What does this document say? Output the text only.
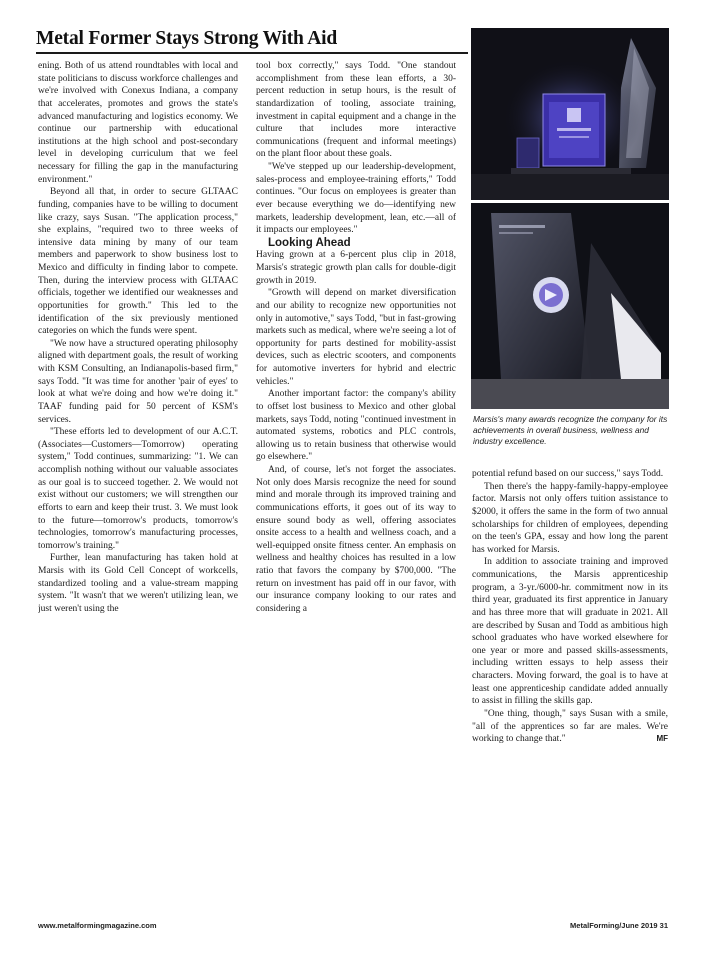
Metal Former Stays Strong With Aid

ening. Both of us attend roundtables with local and state politicians to discuss workforce challenges and we're involved with Conexus Indiana, a company that accelerates, promotes and grows the state's advanced manufacturing and logistics economy. We continue our partnership with educational institutions at the high school and post-secondary level in developing curriculum that we feel necessary for filling the gap in the manufacturing environment."

Beyond all that, in order to secure GLTAAC funding, companies have to be willing to document like crazy, says Susan. "The application process," she explains, "required two to three weeks of intensive data mining by many of our team members and paperwork to show business lost to Mexico and difficulty in finding labor to compete. Then, during the interview process with GLTAAC officials, together we identified our weaknesses and opportunities for growth." This led to the identification of the six previously mentioned categories on which the funds were spent.

"We now have a structured operating philosophy aligned with department goals, the result of working with KSM Consulting, an Indianapolis-based firm," says Todd. "It was time for another 'pair of eyes' to look at what we're doing and how we're doing it." TAAF funding paid for 50 percent of KSM's services.

"These efforts led to development of our A.C.T. (Associates—Customers—Tomorrow) operating system," Todd continues, summarizing: "1. We can accomplish nothing without our valuable associates as our goal is to succeed together. 2. We would not exist without our customers; we will strengthen our efforts to earn and keep their trust. 3. We must look to the future—tomorrow's products, tomorrow's technologies, tomorrow's manufacturing processes, tomorrow's training."

Further, lean manufacturing has taken hold at Marsis with its Gold Cell Concept of workcells, standardized tooling and a value-stream mapping system. "It wasn't that we weren't utilizing lean, we just weren't using the

tool box correctly," says Todd. "One standout accomplishment from these lean efforts, a 30-percent reduction in setup hours, is the result of standardization of tooling, associate training, investment in capital equipment and a change in the culture that includes more interactive communications (frequent and informal meetings) on the plant floor about these goals.

"We've stepped up our leadership-development, sales-process and employee-training efforts," Todd continues. "Our focus on employees is greater than ever because everything we do—identifying new markets, leadership development, lean, etc.—all of it impacts our employees."

Looking Ahead

Having grown at a 6-percent plus clip in 2018, Marsis's strategic growth plan calls for double-digit growth in 2019.

"Growth will depend on market diversification and our ability to recognize new opportunities not only in automotive," says Todd, "but in fast-growing markets such as medical, where we're seeing a lot of opportunity for parts destined for mobility-assist devices, such as electric scooters, and components for automotive inverters for hybrid and electric vehicles."

Another important factor: the company's ability to offset lost business to Mexico and other global markets, says Todd, noting "continued investment in automated systems, robotics and PLC controls, allowing us to retain business that otherwise would go elsewhere."

And, of course, let's not forget the associates. Not only does Marsis recognize the need for sound mind and morale through its improved training and communications efforts, it goes out of its way to ensure sound body as well, offering associates onsite access to a health and wellness coach, and a well-equipped onsite fitness center. An emphasis on wellness and healthy choices has resulted in a low ratio that favors the company by $700,000. "The return on investment has paid off in our favor, with our insurance company looking to our rates and considering a

Marsis's many awards recognize the company for its achievements in overall business, wellness and industry excellence.

potential refund based on our success," says Todd.

Then there's the happy-family-happy-employee factor. Marsis not only offers tuition assistance to $2000, it offers the same in the form of two annual scholarships for children of employees, depending on the teen's GPA, essay and how long the parent has worked for Marsis.

In addition to associate training and improved communications, the Marsis apprenticeship program, a 3-yr./6000-hr. commitment now in its third year, graduated its first apprentice in January and has three more that will graduate in 2021. All are described by Susan and Todd as ambitious high school graduates who have worked elsewhere for one year or more and passed skills-assessments, including written essays to help assess their characters. Moving forward, the goal is to have at least one apprenticeship candidate added annually to assist in filling the skills gap.

"One thing, though," says Susan with a smile, "all of the apprentices so far are males. We're working to change that."	MF

www.metalformingmagazine.com	MetalForming/June 2019 31
